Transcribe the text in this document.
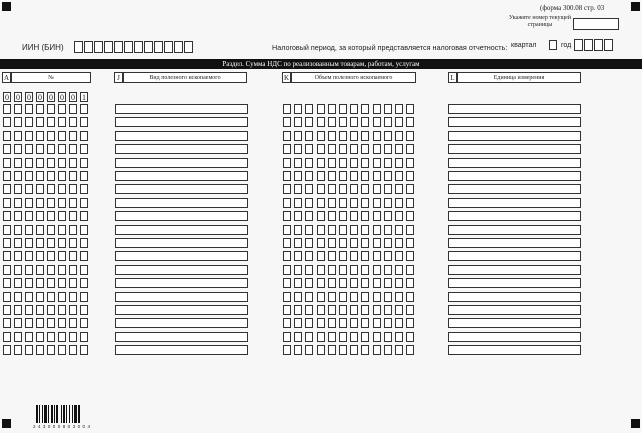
(форма 300.08 стр. 03
Укажите номер текущей страницы
ИИН (БИН)	Налоговый период, за который представляется налоговая отчетность: квартал	год
Раздел. Сумма НДС по реализованным товарам, работам, услугам
A	№	J	Вид полезного ископаемого	K	Объем полезного ископаемого	L	Единица измерения
0 0 0 0 0 0 0 1
2 4 3 0 0 0 8 0 3 0 0 4
